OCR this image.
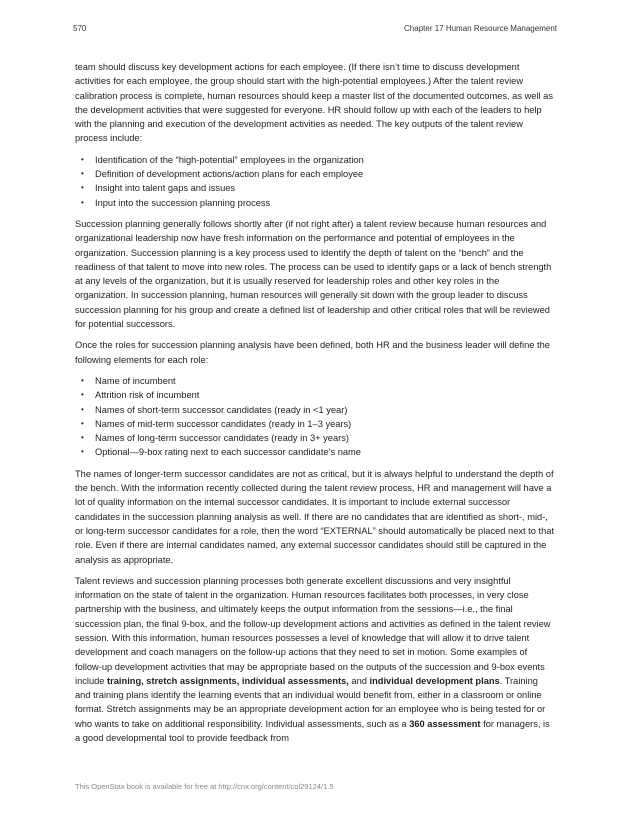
570	Chapter 17 Human Resource Management

team should discuss key development actions for each employee. (If there isn’t time to discuss development activities for each employee, the group should start with the high-potential employees.) After the talent review calibration process is complete, human resources should keep a master list of the documented outcomes, as well as the development activities that were suggested for everyone. HR should follow up with each of the leaders to help with the planning and execution of the development activities as needed. The key outputs of the talent review process include:

• Identification of the “high-potential” employees in the organization
• Definition of development actions/action plans for each employee
• Insight into talent gaps and issues
• Input into the succession planning process

Succession planning generally follows shortly after (if not right after) a talent review because human resources and organizational leadership now have fresh information on the performance and potential of employees in the organization. Succession planning is a key process used to identify the depth of talent on the “bench” and the readiness of that talent to move into new roles. The process can be used to identify gaps or a lack of bench strength at any levels of the organization, but it is usually reserved for leadership roles and other key roles in the organization. In succession planning, human resources will generally sit down with the group leader to discuss succession planning for his group and create a defined list of leadership and other critical roles that will be reviewed for potential successors.

Once the roles for succession planning analysis have been defined, both HR and the business leader will define the following elements for each role:

• Name of incumbent
• Attrition risk of incumbent
• Names of short-term successor candidates (ready in <1 year)
• Names of mid-term successor candidates (ready in 1–3 years)
• Names of long-term successor candidates (ready in 3+ years)
• Optional—9-box rating next to each successor candidate’s name

The names of longer-term successor candidates are not as critical, but it is always helpful to understand the depth of the bench. With the information recently collected during the talent review process, HR and management will have a lot of quality information on the internal successor candidates. It is important to include external successor candidates in the succession planning analysis as well. If there are no candidates that are identified as short-, mid-, or long-term successor candidates for a role, then the word “EXTERNAL” should automatically be placed next to that role. Even if there are internal candidates named, any external successor candidates should still be captured in the analysis as appropriate.

Talent reviews and succession planning processes both generate excellent discussions and very insightful information on the state of talent in the organization. Human resources facilitates both processes, in very close partnership with the business, and ultimately keeps the output information from the sessions—i.e., the final succession plan, the final 9-box, and the follow-up development actions and activities as defined in the talent review session. With this information, human resources possesses a level of knowledge that will allow it to drive talent development and coach managers on the follow-up actions that they need to set in motion. Some examples of follow-up development activities that may be appropriate based on the outputs of the succession and 9-box events include training, stretch assignments, individual assessments, and individual development plans. Training and training plans identify the learning events that an individual would benefit from, either in a classroom or online format. Stretch assignments may be an appropriate development action for an employee who is being tested for or who wants to take on additional responsibility. Individual assessments, such as a 360 assessment for managers, is a good developmental tool to provide feedback from

This OpenStax book is available for free at http://cnx.org/content/col29124/1.5
